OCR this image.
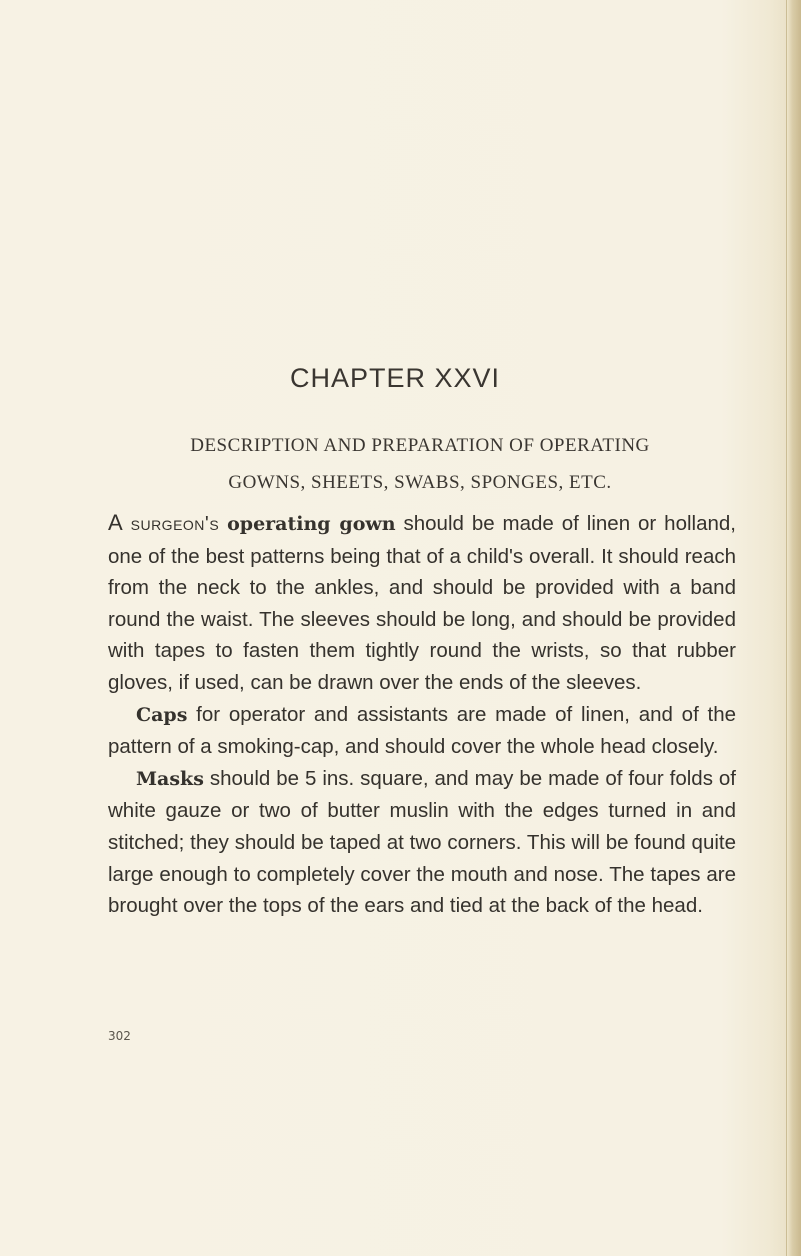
CHAPTER XXVI
DESCRIPTION AND PREPARATION OF OPERATING
GOWNS, SHEETS, SWABS, SPONGES, ETC.

A surgeon's operating gown should be made of linen or holland, one of the best patterns being that of a child's overall. It should reach from the neck to the ankles, and should be provided with a band round the waist. The sleeves should be long, and should be provided with tapes to fasten them tightly round the wrists, so that rubber gloves, if used, can be drawn over the ends of the sleeves.

Caps for operator and assistants are made of linen, and of the pattern of a smoking-cap, and should cover the whole head closely.

Masks should be 5 ins. square, and may be made of four folds of white gauze or two of butter muslin with the edges turned in and stitched; they should be taped at two corners. This will be found quite large enough to completely cover the mouth and nose. The tapes are brought over the tops of the ears and tied at the back of the head.

302
